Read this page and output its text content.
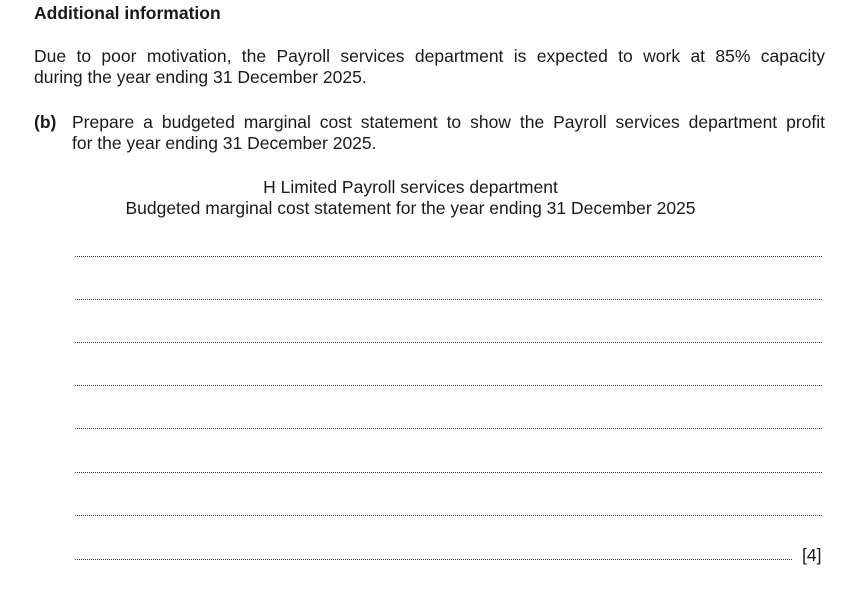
Additional information
Due to poor motivation, the Payroll services department is expected to work at 85% capacity
during the year ending 31 December 2025.
(b) Prepare a budgeted marginal cost statement to show the Payroll services department profit
for the year ending 31 December 2025.
H Limited Payroll services department
Budgeted marginal cost statement for the year ending 31 December 2025
[4]
